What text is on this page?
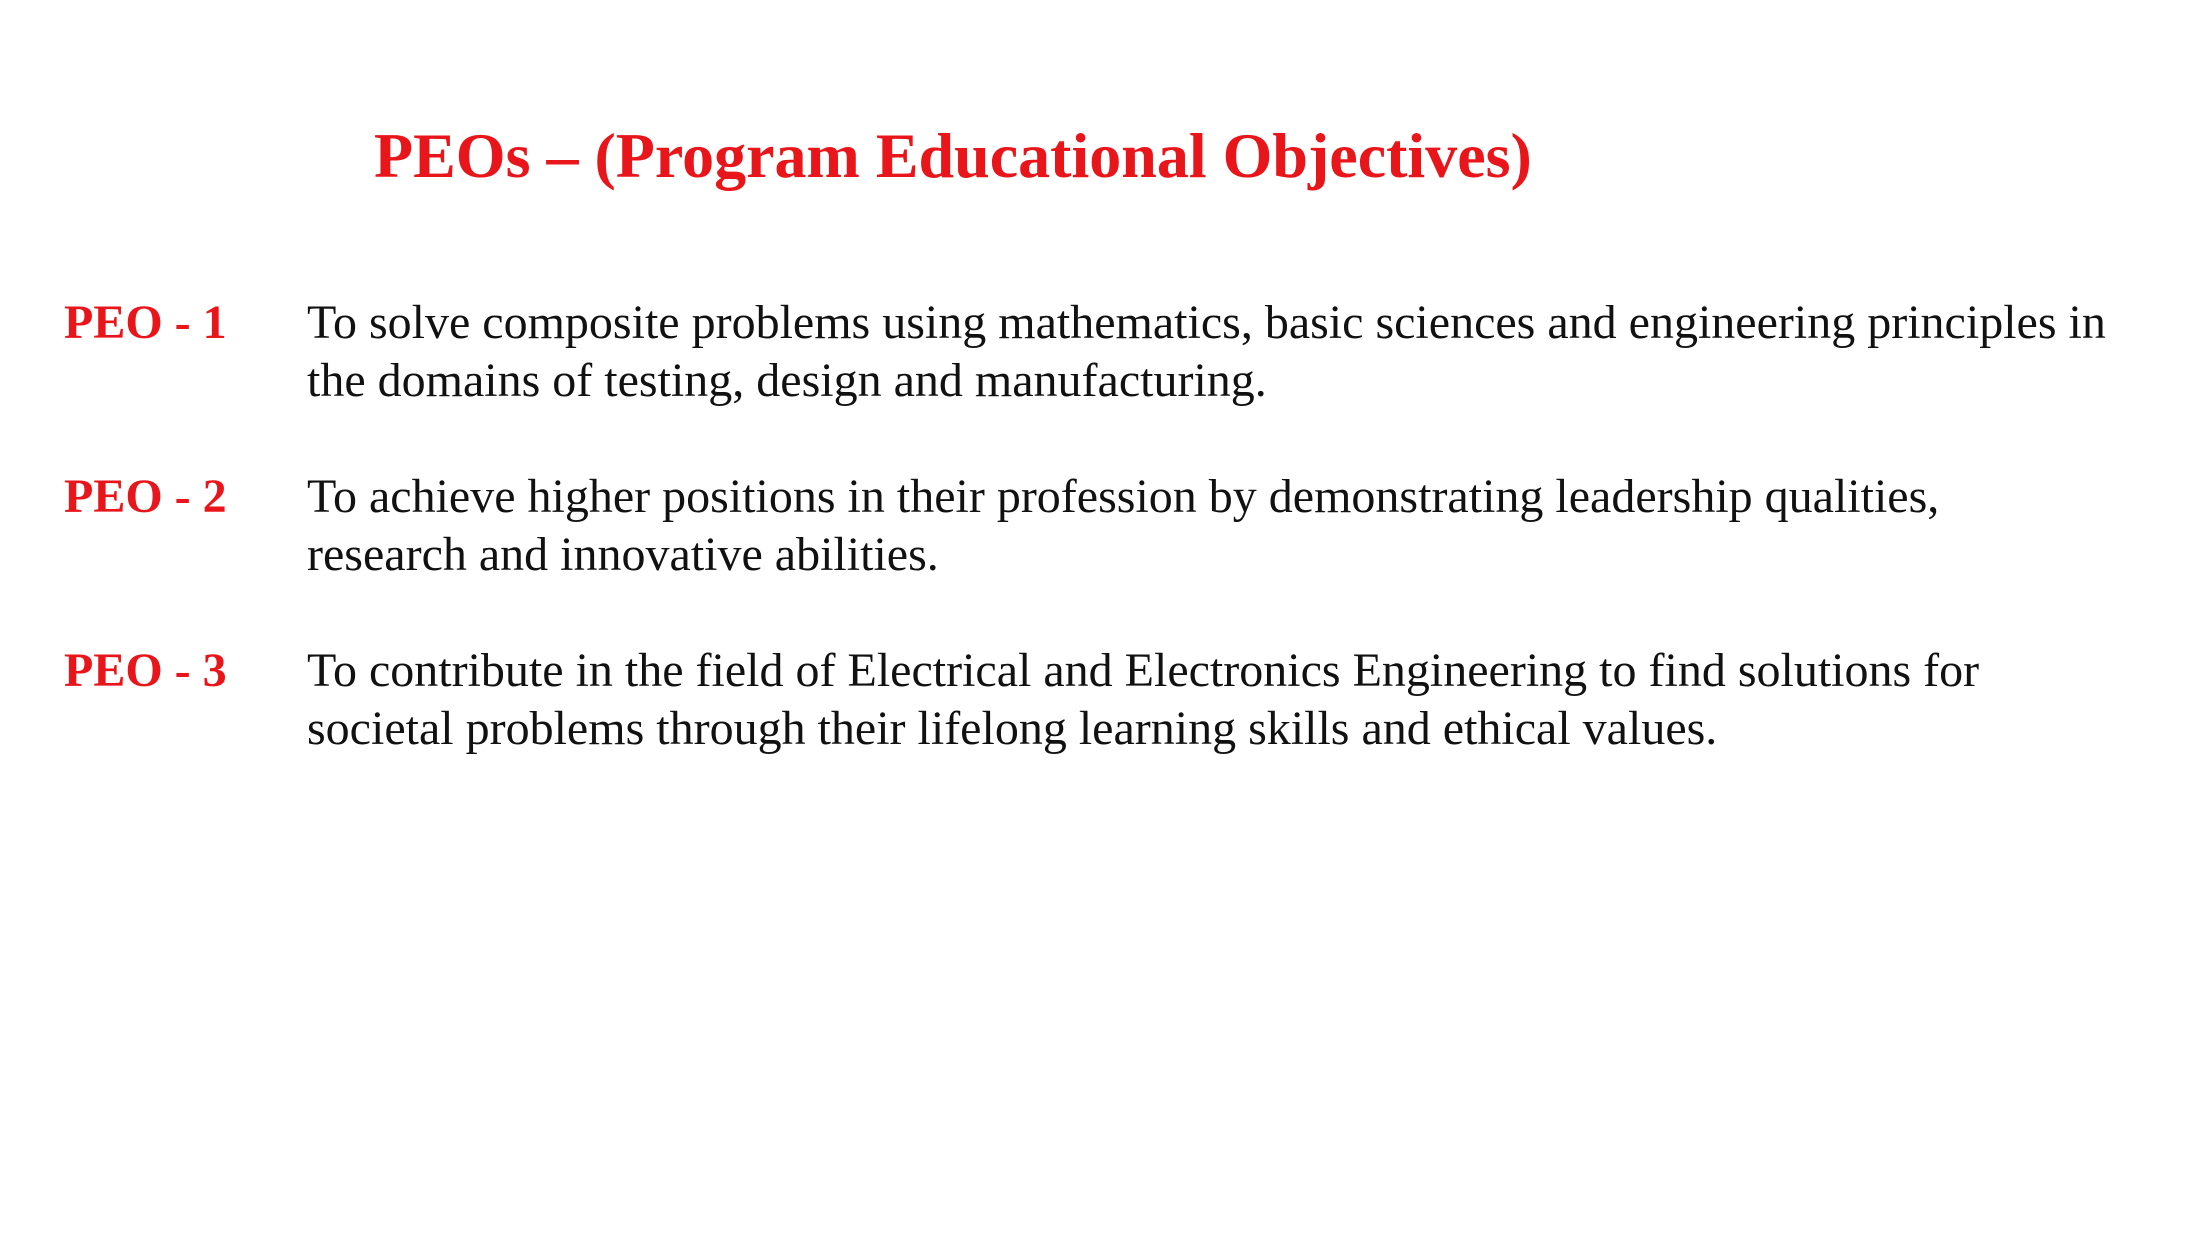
PEOs – (Program Educational Objectives)
PEO - 1 To solve composite problems using mathematics, basic sciences and engineering principles in
the domains of testing, design and manufacturing.
PEO - 2 To achieve higher positions in their profession by demonstrating leadership qualities,
research and innovative abilities.
PEO - 3 To contribute in the field of Electrical and Electronics Engineering to find solutions for
societal problems through their lifelong learning skills and ethical values.
